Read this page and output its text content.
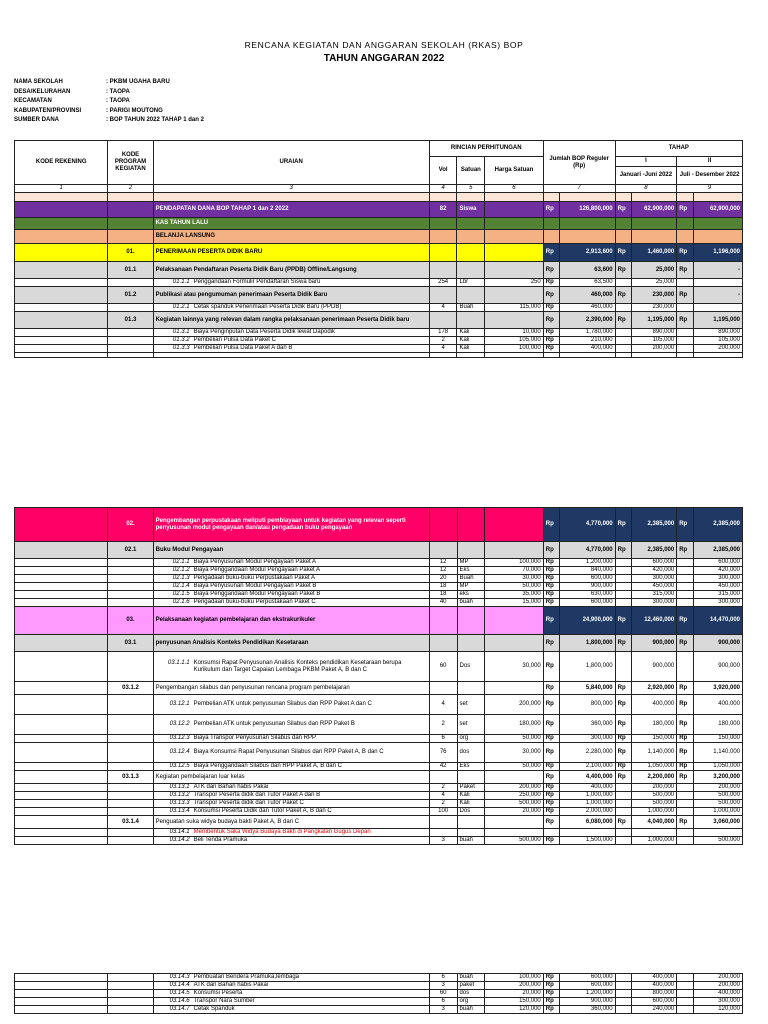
RENCANA KEGIATAN DAN ANGGARAN SEKOLAH (RKAS) BOP
TAHUN ANGGARAN 2022
NAMA SEKOLAH	: PKBM UGAHA BARU
DESA/KELURAHAN	: TAOPA
KECAMATAN	: TAOPA
KABUPATEN/PROVINSI	: PARIGI MOUTONG
SUMBER DANA	: BOP TAHUN 2022 TAHAP 1 dan 2
KODE REKENING	KODE PROGRAM KEGIATAN	URAIAN	RINCIAN PERHITUNGAN			Jumlah BOP Reguler (Rp)		TAHAP			
			Vol	Satuan	Harga Satuan			I		II	
								Januari -Juni 2022		Juli - Desember 2022	
1	2	3	4	5	6	7		8		9	

		PENDAPATAN DANA BOP TAHAP 1 dan 2 2022	82	Siswa		Rp	126,800,000	Rp	62,900,000	Rp	62,900,000
		KAS TAHUN LALU									
		BELANJA LANSUNG									
	01.	PENERIMAAN PESERTA DIDIK BARU				Rp	2,913,600	Rp	1,460,000	Rp	1,196,000
	01.1	Pelaksanaan Pendaftaran Peserta Didik Baru (PPDB) Offline/Langsung				Rp	63,600	Rp	25,000	Rp	-
		01.1.1 Penggandaan Formulir Pendaftaran Siswa baru	254	Lbr	250	Rp	63,500		25,000		
	01.2	Publikasi atau pengumuman penerimaan Peserta Didik Baru				Rp	460,000	Rp	230,000	Rp	-
		01.2.1 Cetak spanduk Penerimaan Peserta Didik Baru (PPDB)	4	Buah	115,000	Rp	460,000		230,000		
	01.3	Kegiatan lainnya yang relevan dalam rangka pelaksanaan penerimaan Peserta Didik baru				Rp	2,390,000	Rp	1,195,000	Rp	1,195,000
		01.3.1 Biaya Penginputan Data Peserta Didik lewat Dapodik	178	Kali	10,000	Rp	1,780,000		890,000		890,000
		01.3.2 Pembelian Pulsa Data Paket C	2	Kali	105,000	Rp	210,000		105,000		105,000
		01.3.3 Pembelian Pulsa Data Paket A dan B	4	Kali	100,000	Rp	400,000		200,000		200,000

	02.	Pengembangan perpustakaan meliputi pembiayaan untuk kegiatan yang relevan seperti penyusunan modul pengayaan dan/atau pengadaan buku pengayaan				Rp	4,770,000	Rp	2,385,000	Rp	2,385,000
	02.1	Buku Modul Pengayaan				Rp	4,770,000	Rp	2,385,000	Rp	2,385,000
		02.1.1 Biaya Penyusunan Modul Pengayaan Paket A	12	MP	100,000	Rp	1,200,000		600,000		600,000
		02.1.2 Biaya Penggandaan Modul Pengayaan Paket A	12	Eks	70,000	Rp	840,000		420,000		420,000
		02.1.3 Pengadaan buku-buku Perpustakaan Paket A	20	Buah	30,000	Rp	600,000		300,000		300,000
		02.1.4 Biaya Penyusunan Modul Pengayaan Paket B	18	MP	50,000	Rp	900,000		450,000		450,000
		02.1.5 Biaya Penggandaan Modul Pengayaan Paket B	18	eks	35,000	Rp	630,000		315,000		315,000
		02.1.6 Pengadaan buku-buku Perpustakaan Paket C	40	buah	15,000	Rp	600,000		300,000		300,000
	03.	Pelaksanaan kegiatan pembelajaran dan ekstrakurikuler				Rp	24,900,000	Rp	12,460,000	Rp	14,470,000
	03.1	penyusunan Analisis Konteks Pendidikan Kesetaraan				Rp	1,800,000	Rp	900,000	Rp	900,000
		03.1.1.1 Konsumsi Rapat Penyusunan Analisis Konteks pendidikan Kesetaraan berupa Kurikulum dan Target Capaian Lembaga PKBM Paket A, B dan C	60	Dos	30,000	Rp	1,800,000		900,000		900,000
	03.1.2	Pengembangan silabus dan penyusunan rencana program pembelajaran				Rp	5,840,000	Rp	2,920,000	Rp	3,920,000
		03.12.1 Pembelian ATK untuk penyusunan Silabus dan RPP Paket A dan C	4	set	200,000	Rp	800,000	Rp	400,000	Rp	400,000
		03.12.2 Pembelian ATK untuk penyusunan Silabus dan RPP Paket B	2	set	180,000	Rp	360,000	Rp	180,000	Rp	180,000
		03.12.3 Biaya Transpor Penyusunan Silabus dan RPP	6	org	50,000	Rp	300,000	Rp	150,000	Rp	150,000
		03.12.4 Biaya Konsumsi Rapat Penyusunan Silabus dan RPP Paket A, B dan C	76	dos	30,000	Rp	2,280,000	Rp	1,140,000	Rp	1,140,000
		03.12.5 Biaya Penggandaan Silabus dan RPP Paket A, B dan C	42	Eks	50,000	Rp	2,100,000	Rp	1,050,000	Rp	1,050,000
	03.1.3	Kegiatan pembelajaran luar kelas				Rp	4,400,000	Rp	2,200,000	Rp	3,200,000
		03.13.1 ATK dan Bahan habis Pakai	2	Paket	200,000	Rp	400,000		200,000		200,000
		03.13.2 Transpor Peserta didik dan Tutor Paket A dan B	4	Kali	250,000	Rp	1,000,000		500,000		500,000
		03.13.3 Transpor Peserta didik dan Tutor Paket C	2	Kali	500,000	Rp	1,000,000		500,000		500,000
		03.13.4 Konsumsi Peserta Didik dan Tutor Paket A, B dan C	100	Dos	20,000	Rp	2,000,000		1,000,000		1,000,000
	03.1.4	Penguatan suka widya budaya bakti Paket A, B dan C				Rp	6,080,000	Rp	4,040,000	Rp	3,060,000
		03.14.1 Membentuk Saka Widya Budaya Bakti di Pangkalan Gugus Depan									
		03.14.2 Beli Tenda Pramuka	3	buah	500,000	Rp	1,500,000		1,000,000		500,000
		03.14.3 Pembuatan Bendera Pramuka,lembaga	6	buah	100,000	Rp	600,000		400,000		200,000
		03.14.4 ATK dan Bahan habis Pakai	3	paket	200,000	Rp	600,000		400,000		200,000
		03.14.5 Konsumsi Peserta	60	dos	20,000	Rp	1,200,000		800,000		400,000
		03.14.6 Transpor Nara Sumber	6	org	150,000	Rp	900,000		600,000		300,000
		03.14.7 Cetak Spanduk	3	buah	120,000	Rp	360,000		240,000		120,000
